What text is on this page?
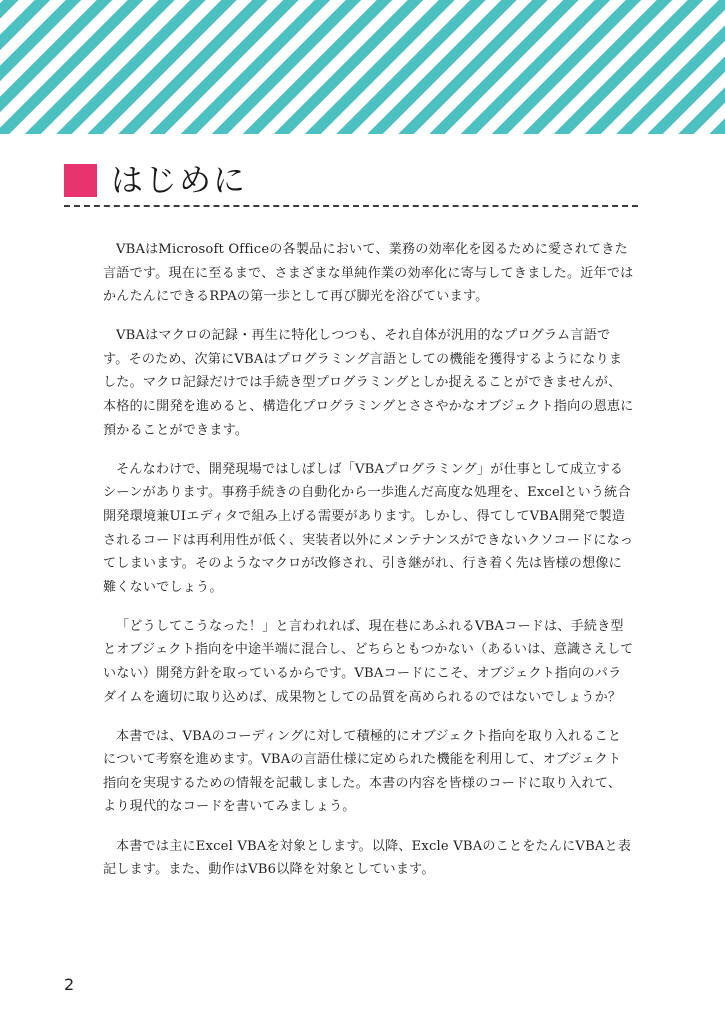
はじめに

VBAはMicrosoft Officeの各製品において、業務の効率化を図るために愛されてきた言語です。現在に至るまで、さまざまな単純作業の効率化に寄与してきました。近年ではかんたんにできるRPAの第一歩として再び脚光を浴びています。

VBAはマクロの記録・再生に特化しつつも、それ自体が汎用的なプログラム言語です。そのため、次第にVBAはプログラミング言語としての機能を獲得するようになりました。マクロ記録だけでは手続き型プログラミングとしか捉えることができませんが、本格的に開発を進めると、構造化プログラミングとささやかなオブジェクト指向の恩恵に預かることができます。

そんなわけで、開発現場ではしばしば「VBAプログラミング」が仕事として成立するシーンがあります。事務手続きの自動化から一歩進んだ高度な処理を、Excelという統合開発環境兼UIエディタで組み上げる需要があります。しかし、得てしてVBA開発で製造されるコードは再利用性が低く、実装者以外にメンテナンスができないクソコードになってしまいます。そのようなマクロが改修され、引き継がれ、行き着く先は皆様の想像に難くないでしょう。

「どうしてこうなった！」と言われれば、現在巷にあふれるVBAコードは、手続き型とオブジェクト指向を中途半端に混合し、どちらともつかない（あるいは、意識さえしていない）開発方針を取っているからです。VBAコードにこそ、オブジェクト指向のパラダイムを適切に取り込めば、成果物としての品質を高められるのではないでしょうか？

本書では、VBAのコーディングに対して積極的にオブジェクト指向を取り入れることについて考察を進めます。VBAの言語仕様に定められた機能を利用して、オブジェクト指向を実現するための情報を記載しました。本書の内容を皆様のコードに取り入れて、より現代的なコードを書いてみましょう。

本書では主にExcel VBAを対象とします。以降、Excle VBAのことをたんにVBAと表記します。また、動作はVB6以降を対象としています。

2
